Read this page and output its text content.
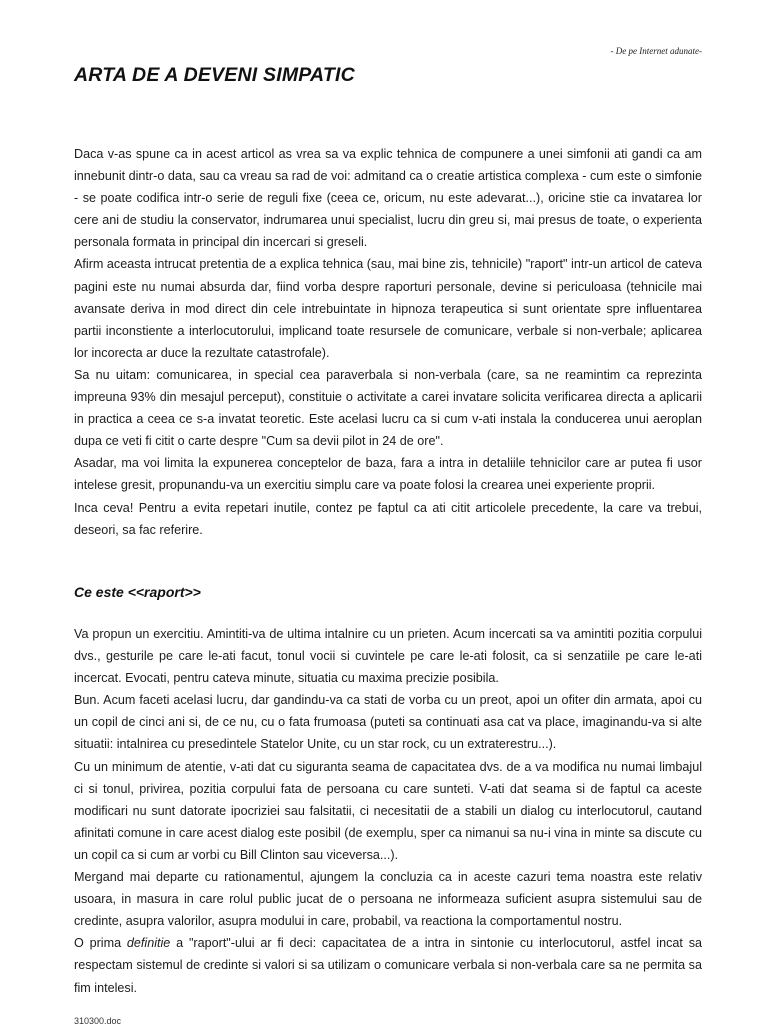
- De pe Internet adunate-
ARTA DE A DEVENI SIMPATIC

Daca v-as spune ca in acest articol as vrea sa va explic tehnica de compunere a unei simfonii ati gandi ca am innebunit dintr-o data, sau ca vreau sa rad de voi: admitand ca o creatie artistica complexa - cum este o simfonie - se poate codifica intr-o serie de reguli fixe (ceea ce, oricum, nu este adevarat...), oricine stie ca invatarea lor cere ani de studiu la conservator, indrumarea unui specialist, lucru din greu si, mai presus de toate, o experienta personala formata in principal din incercari si greseli.

Afirm aceasta intrucat pretentia de a explica tehnica (sau, mai bine zis, tehnicile) "raport" intr-un articol de cateva pagini este nu numai absurda dar, fiind vorba despre raporturi personale, devine si periculoasa (tehnicile mai avansate deriva in mod direct din cele intrebuintate in hipnoza terapeutica si sunt orientate spre influentarea partii inconstiente a interlocutorului, implicand toate resursele de comunicare, verbale si non-verbale; aplicarea lor incorecta ar duce la rezultate catastrofale).

Sa nu uitam: comunicarea, in special cea paraverbala si non-verbala (care, sa ne reamintim ca reprezinta impreuna 93% din mesajul perceput), constituie o activitate a carei invatare solicita verificarea directa a aplicarii in practica a ceea ce s-a invatat teoretic. Este acelasi lucru ca si cum v-ati instala la conducerea unui aeroplan dupa ce veti fi citit o carte despre "Cum sa devii pilot in 24 de ore".

Asadar, ma voi limita la expunerea conceptelor de baza, fara a intra in detaliile tehnicilor care ar putea fi usor intelese gresit, propunandu-va un exercitiu simplu care va poate folosi la crearea unei experiente proprii.

Inca ceva! Pentru a evita repetari inutile, contez pe faptul ca ati citit articolele precedente, la care va trebui, deseori, sa fac referire.

Ce este <<raport>>

Va propun un exercitiu. Amintiti-va de ultima intalnire cu un prieten. Acum incercati sa va amintiti pozitia corpului dvs., gesturile pe care le-ati facut, tonul vocii si cuvintele pe care le-ati folosit, ca si senzatiile pe care le-ati incercat. Evocati, pentru cateva minute, situatia cu maxima precizie posibila.

Bun. Acum faceti acelasi lucru, dar gandindu-va ca stati de vorba cu un preot, apoi un ofiter din armata, apoi cu un copil de cinci ani si, de ce nu, cu o fata frumoasa (puteti sa continuati asa cat va place, imaginandu-va si alte situatii: intalnirea cu presedintele Statelor Unite, cu un star rock, cu un extraterestru...).

Cu un minimum de atentie, v-ati dat cu siguranta seama de capacitatea dvs. de a va modifica nu numai limbajul ci si tonul, privirea, pozitia corpului fata de persoana cu care sunteti. V-ati dat seama si de faptul ca aceste modificari nu sunt datorate ipocriziei sau falsitatii, ci necesitatii de a stabili un dialog cu interlocutorul, cautand afinitati comune in care acest dialog este posibil (de exemplu, sper ca nimanui sa nu-i vina in minte sa discute cu un copil ca si cum ar vorbi cu Bill Clinton sau viceversa...).

Mergand mai departe cu rationamentul, ajungem la concluzia ca in aceste cazuri tema noastra este relativ usoara, in masura in care rolul public jucat de o persoana ne informeaza suficient asupra sistemului sau de credinte, asupra valorilor, asupra modului in care, probabil, va reactiona la comportamentul nostru.

O prima definitie a "raport"-ului ar fi deci: capacitatea de a intra in sintonie cu interlocutorul, astfel incat sa respectam sistemul de credinte si valori si sa utilizam o comunicare verbala si non-verbala care sa ne permita sa fim intelesi.

310300.doc
